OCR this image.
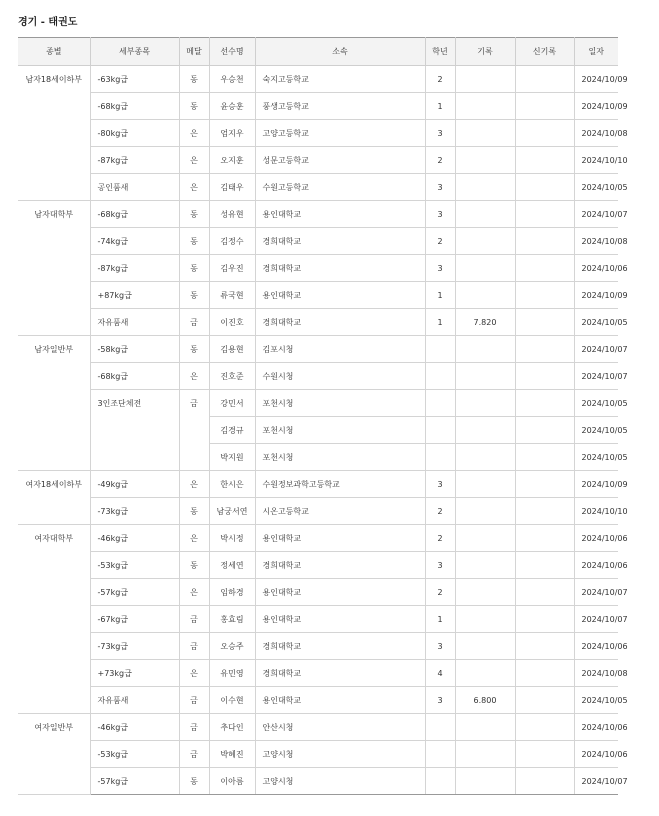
경기 - 태권도
종별	세부종목	메달	선수명	소속	학년	기록	신기록	일자
남자18세이하부	-63kg급	동	우승천	숙지고등학교	2			2024/10/09
	-68kg급	동	윤승훈	풍생고등학교	1			2024/10/09
	-80kg급	은	엄지우	고양고등학교	3			2024/10/08
	-87kg급	은	오지훈	성문고등학교	2			2024/10/10
	공인품새	은	김태우	수원고등학교	3			2024/10/05
남자대학부	-68kg급	동	성유현	용인대학교	3			2024/10/07
	-74kg급	동	김정수	경희대학교	2			2024/10/08
	-87kg급	동	김우진	경희대학교	3			2024/10/06
	+87kg급	동	류국현	용인대학교	1			2024/10/09
	자유품새	금	이진호	경희대학교	1	7.820		2024/10/05
남자일반부	-58kg급	동	김용현	김포시청				2024/10/07
	-68kg급	은	진호준	수원시청				2024/10/07
	3인조단체전	금	강민서	포천시청				2024/10/05
			김경규	포천시청				2024/10/05
			박지원	포천시청				2024/10/05
여자18세이하부	-49kg급	은	한시은	수원정보과학고등학교	3			2024/10/09
	-73kg급	동	남궁서연	시온고등학교	2			2024/10/10
여자대학부	-46kg급	은	박시정	용인대학교	2			2024/10/06
	-53kg급	동	정세연	경희대학교	3			2024/10/06
	-57kg급	은	임하경	용인대학교	2			2024/10/07
	-67kg급	금	홍효림	용인대학교	1			2024/10/07
	-73kg급	금	오승주	경희대학교	3			2024/10/06
	+73kg급	은	유민영	경희대학교	4			2024/10/08
	자유품새	금	이수현	용인대학교	3	6.800		2024/10/05
여자일반부	-46kg급	금	추다인	안산시청				2024/10/06
	-53kg급	금	박혜진	고양시청				2024/10/06
	-57kg급	동	이아름	고양시청				2024/10/07
